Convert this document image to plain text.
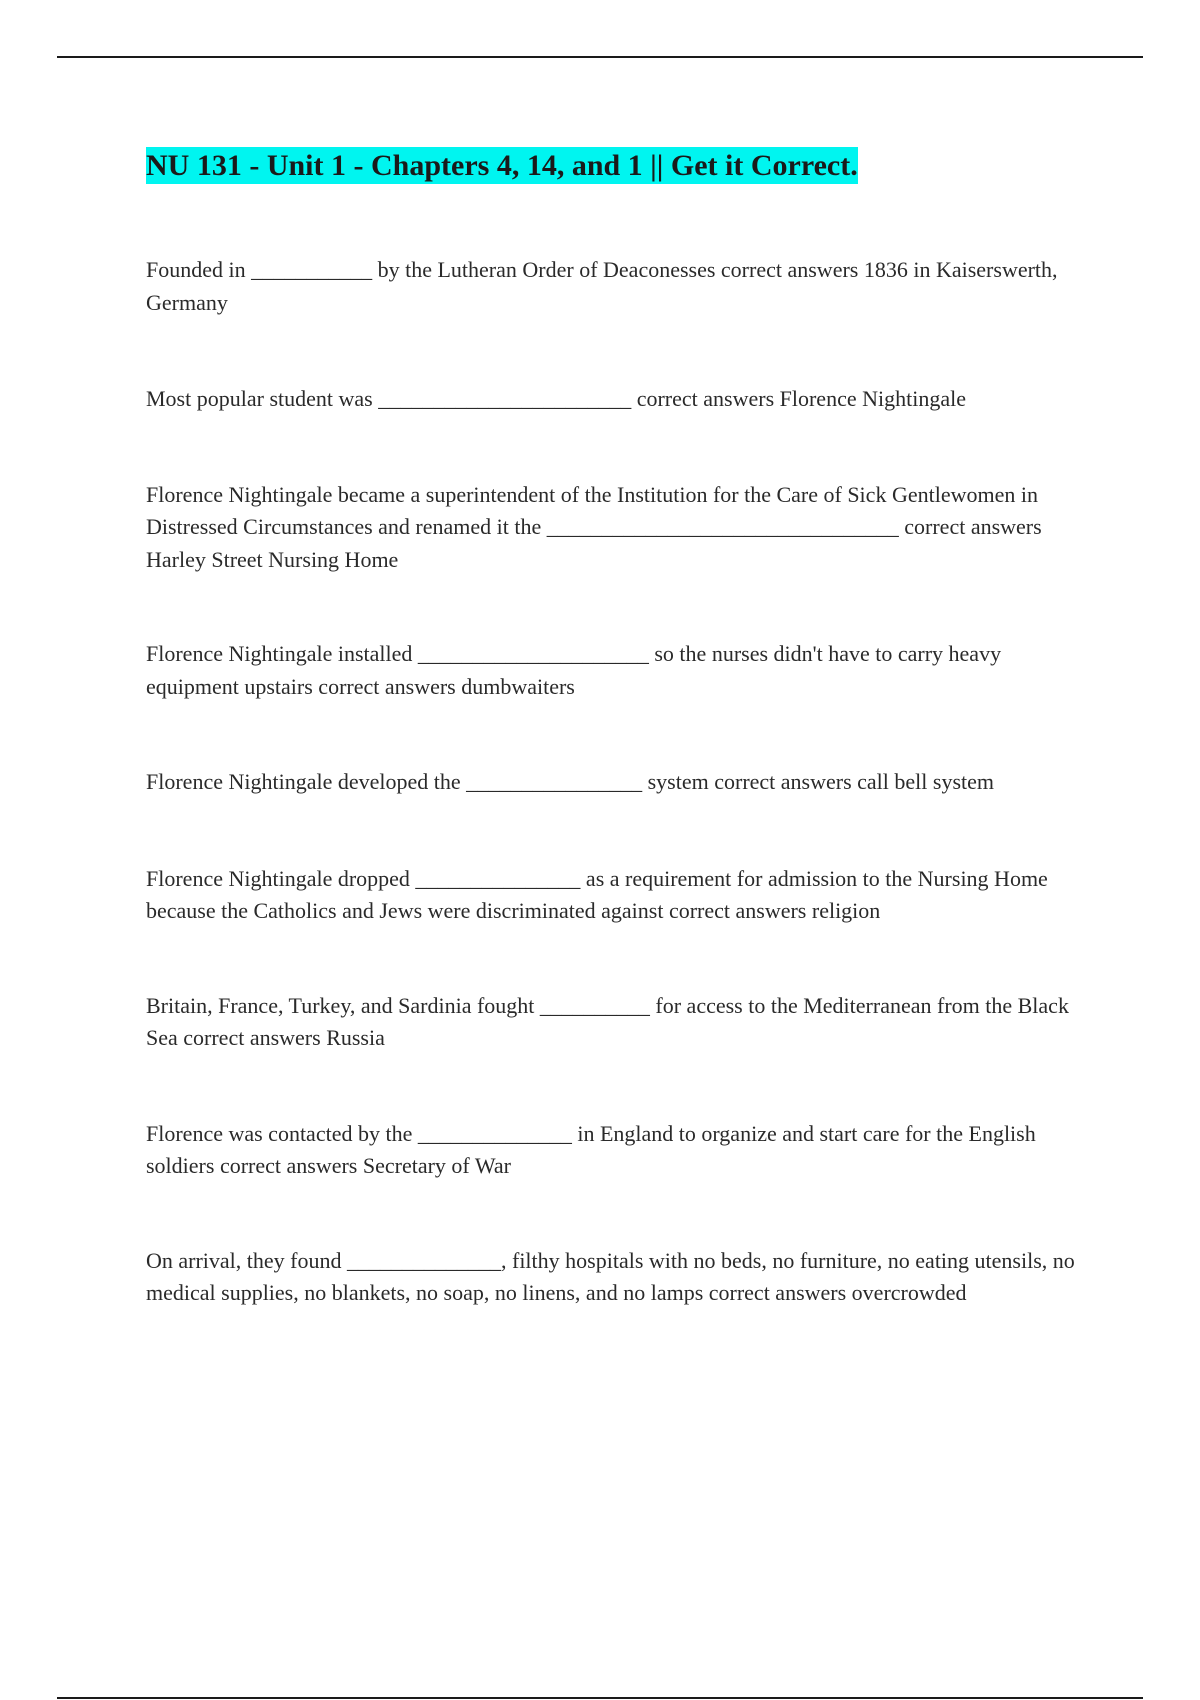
NU 131 - Unit 1 - Chapters 4, 14, and 1 || Get it Correct.

Founded in ___________ by the Lutheran Order of Deaconesses correct answers 1836 in Kaiserswerth, Germany

Most popular student was _______________________ correct answers Florence Nightingale

Florence Nightingale became a superintendent of the Institution for the Care of Sick Gentlewomen in Distressed Circumstances and renamed it the ________________________________ correct answers Harley Street Nursing Home

Florence Nightingale installed _____________________ so the nurses didn't have to carry heavy equipment upstairs correct answers dumbwaiters

Florence Nightingale developed the ________________ system correct answers call bell system

Florence Nightingale dropped _______________ as a requirement for admission to the Nursing Home because the Catholics and Jews were discriminated against correct answers religion

Britain, France, Turkey, and Sardinia fought __________ for access to the Mediterranean from the Black Sea correct answers Russia

Florence was contacted by the ______________ in England to organize and start care for the English soldiers correct answers Secretary of War

On arrival, they found ______________, filthy hospitals with no beds, no furniture, no eating utensils, no medical supplies, no blankets, no soap, no linens, and no lamps correct answers overcrowded
